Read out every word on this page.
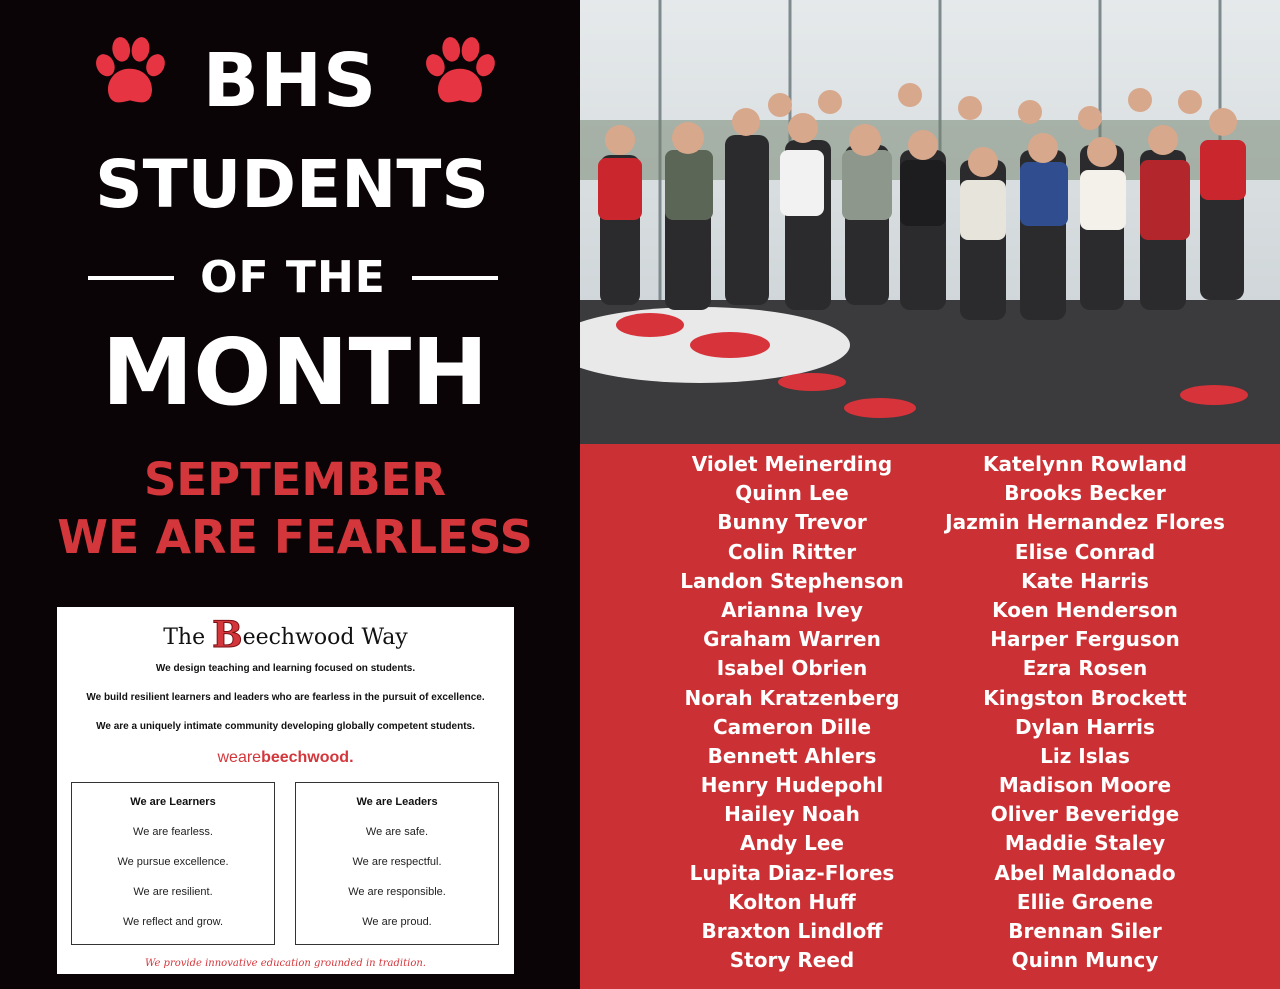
BHS
STUDENTS
OF THE
MONTH
SEPTEMBER
WE ARE FEARLESS
The Beechwood Way
We design teaching and learning focused on students.
We build resilient learners and leaders who are fearless in the pursuit of excellence.
We are a uniquely intimate community developing globally competent students.
wearebeechwood.
We are Learners
We are fearless.
We pursue excellence.
We are resilient.
We reflect and grow.
We are Leaders
We are safe.
We are respectful.
We are responsible.
We are proud.
We provide innovative education grounded in tradition.
Violet Meinerding
Quinn Lee
Bunny Trevor
Colin Ritter
Landon Stephenson
Arianna Ivey
Graham Warren
Isabel Obrien
Norah Kratzenberg
Cameron Dille
Bennett Ahlers
Henry Hudepohl
Hailey Noah
Andy Lee
Lupita Diaz-Flores
Kolton Huff
Braxton Lindloff
Story Reed
Katelynn Rowland
Brooks Becker
Jazmin Hernandez Flores
Elise Conrad
Kate Harris
Koen Henderson
Harper Ferguson
Ezra Rosen
Kingston Brockett
Dylan Harris
Liz Islas
Madison Moore
Oliver Beveridge
Maddie Staley
Abel Maldonado
Ellie Groene
Brennan Siler
Quinn Muncy
